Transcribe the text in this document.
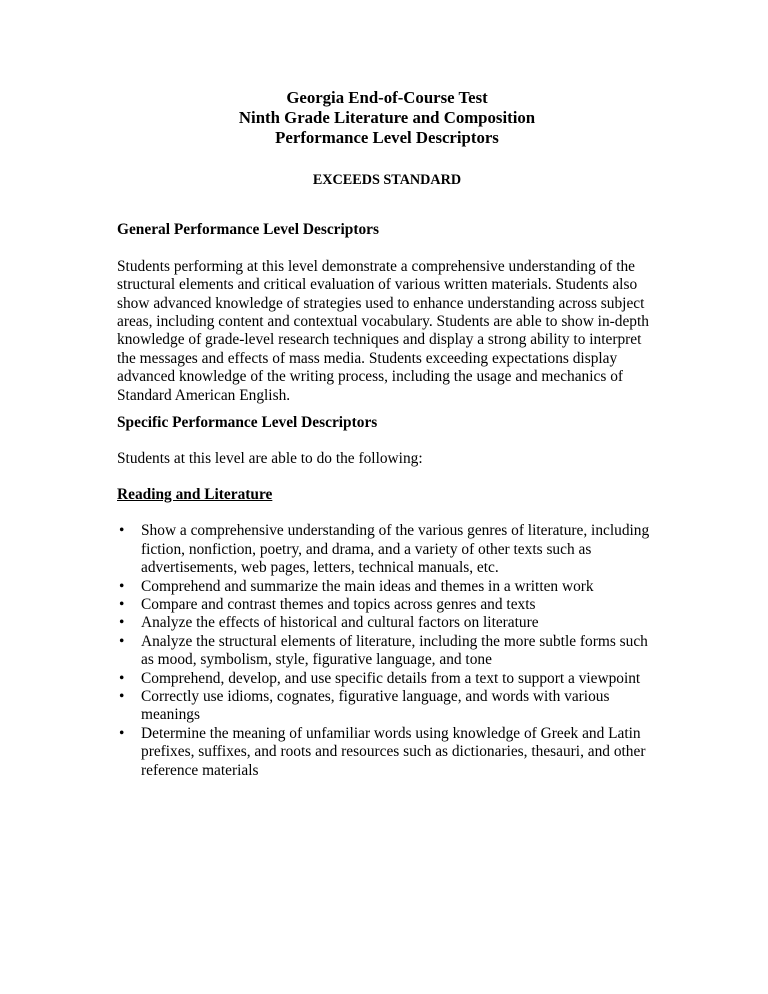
Georgia End-of-Course Test
Ninth Grade Literature and Composition
Performance Level Descriptors
EXCEEDS STANDARD

General Performance Level Descriptors

Students performing at this level demonstrate a comprehensive understanding of the structural elements and critical evaluation of various written materials. Students also show advanced knowledge of strategies used to enhance understanding across subject areas, including content and contextual vocabulary. Students are able to show in-depth knowledge of grade-level research techniques and display a strong ability to interpret the messages and effects of mass media. Students exceeding expectations display advanced knowledge of the writing process, including the usage and mechanics of Standard American English.

Specific Performance Level Descriptors

Students at this level are able to do the following:

Reading and Literature

• Show a comprehensive understanding of the various genres of literature, including fiction, nonfiction, poetry, and drama, and a variety of other texts such as advertisements, web pages, letters, technical manuals, etc.
• Comprehend and summarize the main ideas and themes in a written work
• Compare and contrast themes and topics across genres and texts
• Analyze the effects of historical and cultural factors on literature
• Analyze the structural elements of literature, including the more subtle forms such as mood, symbolism, style, figurative language, and tone
• Comprehend, develop, and use specific details from a text to support a viewpoint
• Correctly use idioms, cognates, figurative language, and words with various meanings
• Determine the meaning of unfamiliar words using knowledge of Greek and Latin prefixes, suffixes, and roots and resources such as dictionaries, thesauri, and other reference materials
